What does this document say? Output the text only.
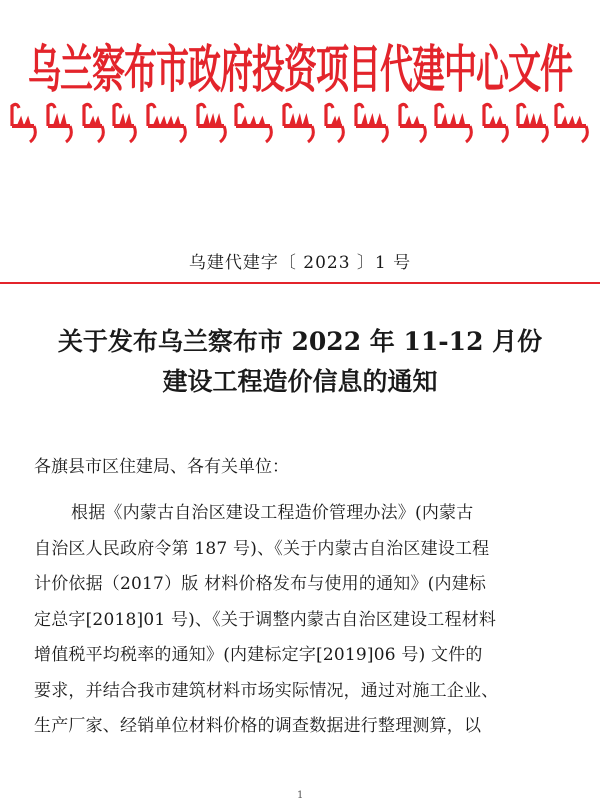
乌兰察布市政府投资项目代建中心文件
乌建代建字〔 2023 〕1 号
关于发布乌兰察布市 2022 年 11-12 月份
建设工程造价信息的通知
各旗县市区住建局、各有关单位：
根据《内蒙古自治区建设工程造价管理办法》(内蒙古
自治区人民政府令第 187 号)、《关于内蒙古自治区建设工程
计价依据（2017）版 材料价格发布与使用的通知》(内建标
定总字[2018]01 号)、《关于调整内蒙古自治区建设工程材料
增值税平均税率的通知》(内建标定字[2019]06 号) 文件的
要求，并结合我市建筑材料市场实际情况，通过对施工企业、
生产厂家、经销单位材料价格的调查数据进行整理测算，以
1
